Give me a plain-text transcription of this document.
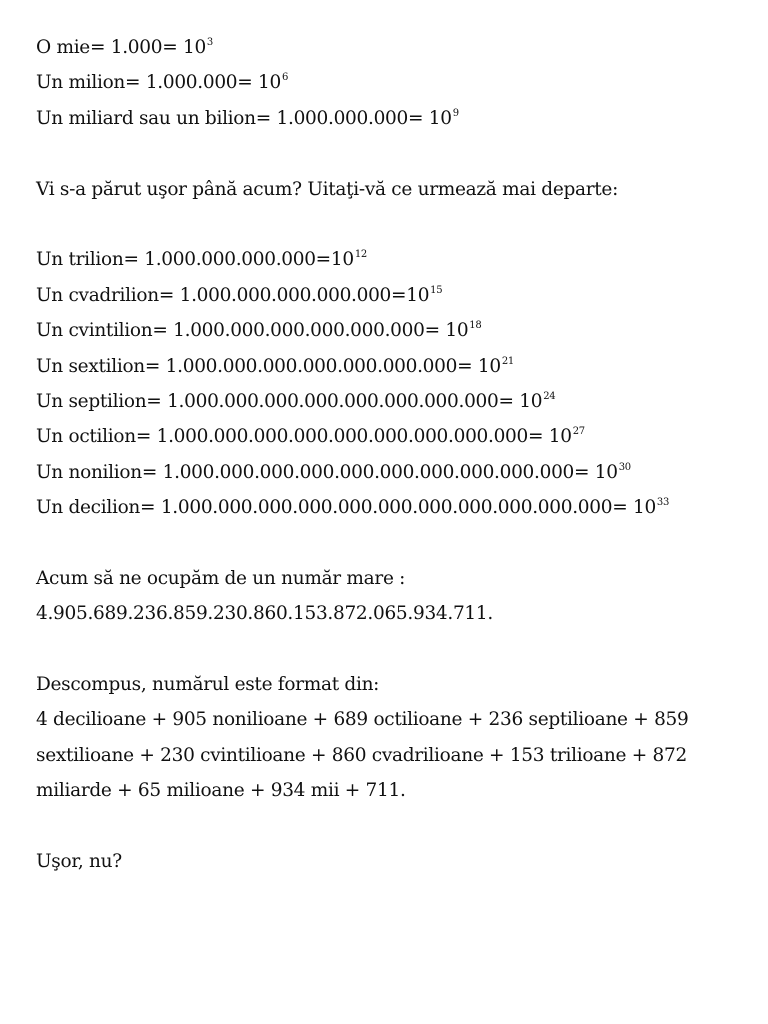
O $mie= 1.000= 10^3$
Un milion= $1.000.000= 10^6$
Un miliard sau un bilion= $1.000.000.000= 10^9$
Vi s-a părut uşor până acum? Uitaţi-vă ce urmează mai departe:
Un trilion= $1.000.000.000.000=10^{12}$
Un cvadrilion= $1.000.000.000.000.000=10^{15}$
Un cvintilion= $1.000.000.000.000.000.000= 10^{18}$
Un sextilion= $1.000.000.000.000.000.000.000= 10^{21}$
Un septilion= $1.000.000.000.000.000.000.000.000= 10^{24}$
Un octilion= $1.000.000.000.000.000.000.000.000.000= 10^{27}$
Un nonilion= $1.000.000.000.000.000.000.000.000.000.000= 10^{30}$
Un decilion= $1.000.000.000.000.000.000.000.000.000.000.000= 10^{33}$
Acum să ne ocupăm de un număr mare :
4.905.689.236.859.230.860.153.872.065.934.711.
Descompus, numărul este format din:
4 decilioane + 905 nonilioane + 689 octilioane + 236 septilioane + 859
sextilioane + 230 cvintilioane + 860 cvadrilioane + 153 trilioane + 872
miliarde + 65 milioane + 934 mii + 711.
Uşor, nu?
